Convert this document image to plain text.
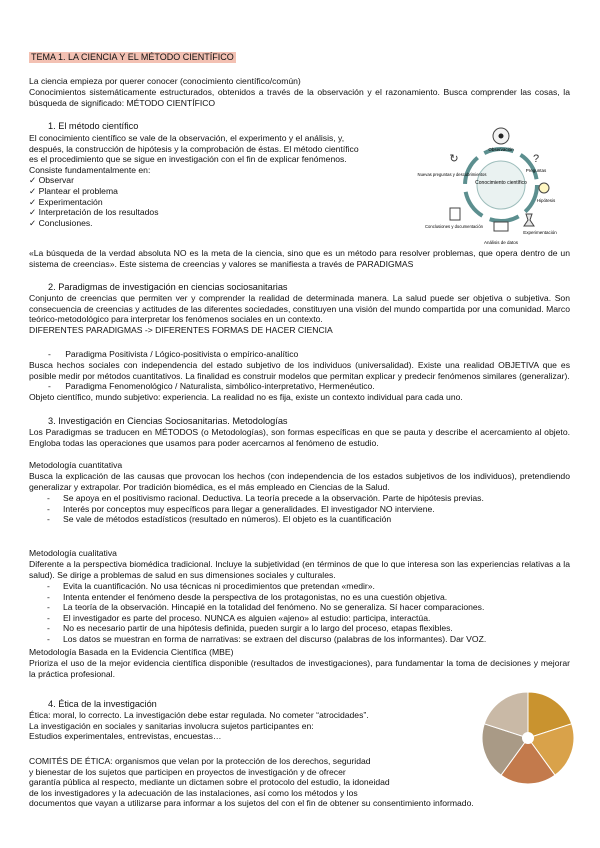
TEMA 1. LA CIENCIA Y EL MÉTODO CIENTÍFICO
La ciencia empieza por querer conocer (conocimiento científico/común)
Conocimientos sistemáticamente estructurados, obtenidos a través de la observación y el razonamiento. Busca comprender las cosas, la búsqueda de significado: MÉTODO CIENTÍFICO
1. El método científico
El conocimiento científico se vale de la observación, el experimento y el análisis, y,
después, la construcción de hipótesis y la comprobación de éstas. El método científico
es el procedimiento que se sigue en investigación con el fin de explicar fenómenos.
Consiste fundamentalmente en:
✓ Observar
✓ Plantear el problema
✓ Experimentación
✓ Interpretación de los resultados
✓ Conclusiones.
Conocimiento científico
Observación
?
Preguntas
Hipótesis
Experimentación
Análisis de datos
Conclusiones y documentación
↻
Nuevas preguntas y descubrimientos
«La búsqueda de la verdad absoluta NO es la meta de la ciencia, sino que es un método para resolver problemas, que opera dentro de un sistema de creencias». Este sistema de creencias y valores se manifiesta a través de PARADIGMAS
2. Paradigmas de investigación en ciencias sociosanitarias
Conjunto de creencias que permiten ver y comprender la realidad de determinada manera. La salud puede ser objetiva o subjetiva. Son consecuencia de creencias y actitudes de las diferentes sociedades, constituyen una visión del mundo compartida por una comunidad. Marco teórico-metodológico para interpretar los fenómenos sociales en un contexto.
DIFERENTES PARADIGMAS -> DIFERENTES FORMAS DE HACER CIENCIA
-      Paradigma Positivista / Lógico-positivista o empírico-analítico
Busca hechos sociales con independencia del estado subjetivo de los individuos (universalidad). Existe una realidad OBJETIVA que es posible medir por métodos cuantitativos. La finalidad es construir modelos que permitan explicar y predecir fenómenos similares (generalizar).
-      Paradigma Fenomenológico / Naturalista, simbólico-interpretativo, Hermenéutico.
Objeto científico, mundo subjetivo: experiencia. La realidad no es fija, existe un contexto individual para cada uno.
3. Investigación en Ciencias Sociosanitarias. Metodologías
Los Paradigmas se traducen en MÉTODOS (o Metodologías), son formas específicas en que se pauta y describe el acercamiento al objeto. Engloba todas las operaciones que usamos para poder acercarnos al fenómeno de estudio.
Metodología cuantitativa
Busca la explicación de las causas que provocan los hechos (con independencia de los estados subjetivos de los individuos), pretendiendo generalizar y extrapolar. Por tradición biomédica, es el más empleado en Ciencias de la Salud.
- Se apoya en el positivismo racional. Deductiva. La teoría precede a la observación. Parte de hipótesis previas.
- Interés por conceptos muy específicos para llegar a generalidades. El investigador NO interviene.
- Se vale de métodos estadísticos (resultado en números). El objeto es la cuantificación
Metodología cualitativa
Diferente a la perspectiva biomédica tradicional. Incluye la subjetividad (en términos de que lo que interesa son las experiencias relativas a la salud). Se dirige a problemas de salud en sus dimensiones sociales y culturales.
- Evita la cuantificación. No usa técnicas ni procedimientos que pretendan «medir».
- Intenta entender el fenómeno desde la perspectiva de los protagonistas, no es una cuestión objetiva.
- La teoría de la observación. Hincapié en la totalidad del fenómeno. No se generaliza. Sí hacer comparaciones.
- El investigador es parte del proceso. NUNCA es alguien «ajeno» al estudio: participa, interactúa.
- No es necesario partir de una hipótesis definida, pueden surgir a lo largo del proceso, etapas flexibles.
- Los datos se muestran en forma de narrativas: se extraen del discurso (palabras de los informantes). Dar VOZ.
Metodología Basada en la Evidencia Científica (MBE)
Prioriza el uso de la mejor evidencia científica disponible (resultados de investigaciones), para fundamentar la toma de decisiones y mejorar la práctica profesional.
4. Ética de la investigación
Ética: moral, lo correcto. La investigación debe estar regulada. No cometer “atrocidades”.
La investigación en sociales y sanitarias involucra sujetos participantes en:
Estudios experimentales, entrevistas, encuestas…
COMITÉS DE ÉTICA: organismos que velan por la protección de los derechos, seguridad
y bienestar de los sujetos que participen en proyectos de investigación y de ofrecer
garantía pública al respecto, mediante un dictamen sobre el protocolo del estudio, la idoneidad
de los investigadores y la adecuación de las instalaciones, así como los métodos y los
documentos que vayan a utilizarse para informar a los sujetos del con el fin de obtener su consentimiento informado.
